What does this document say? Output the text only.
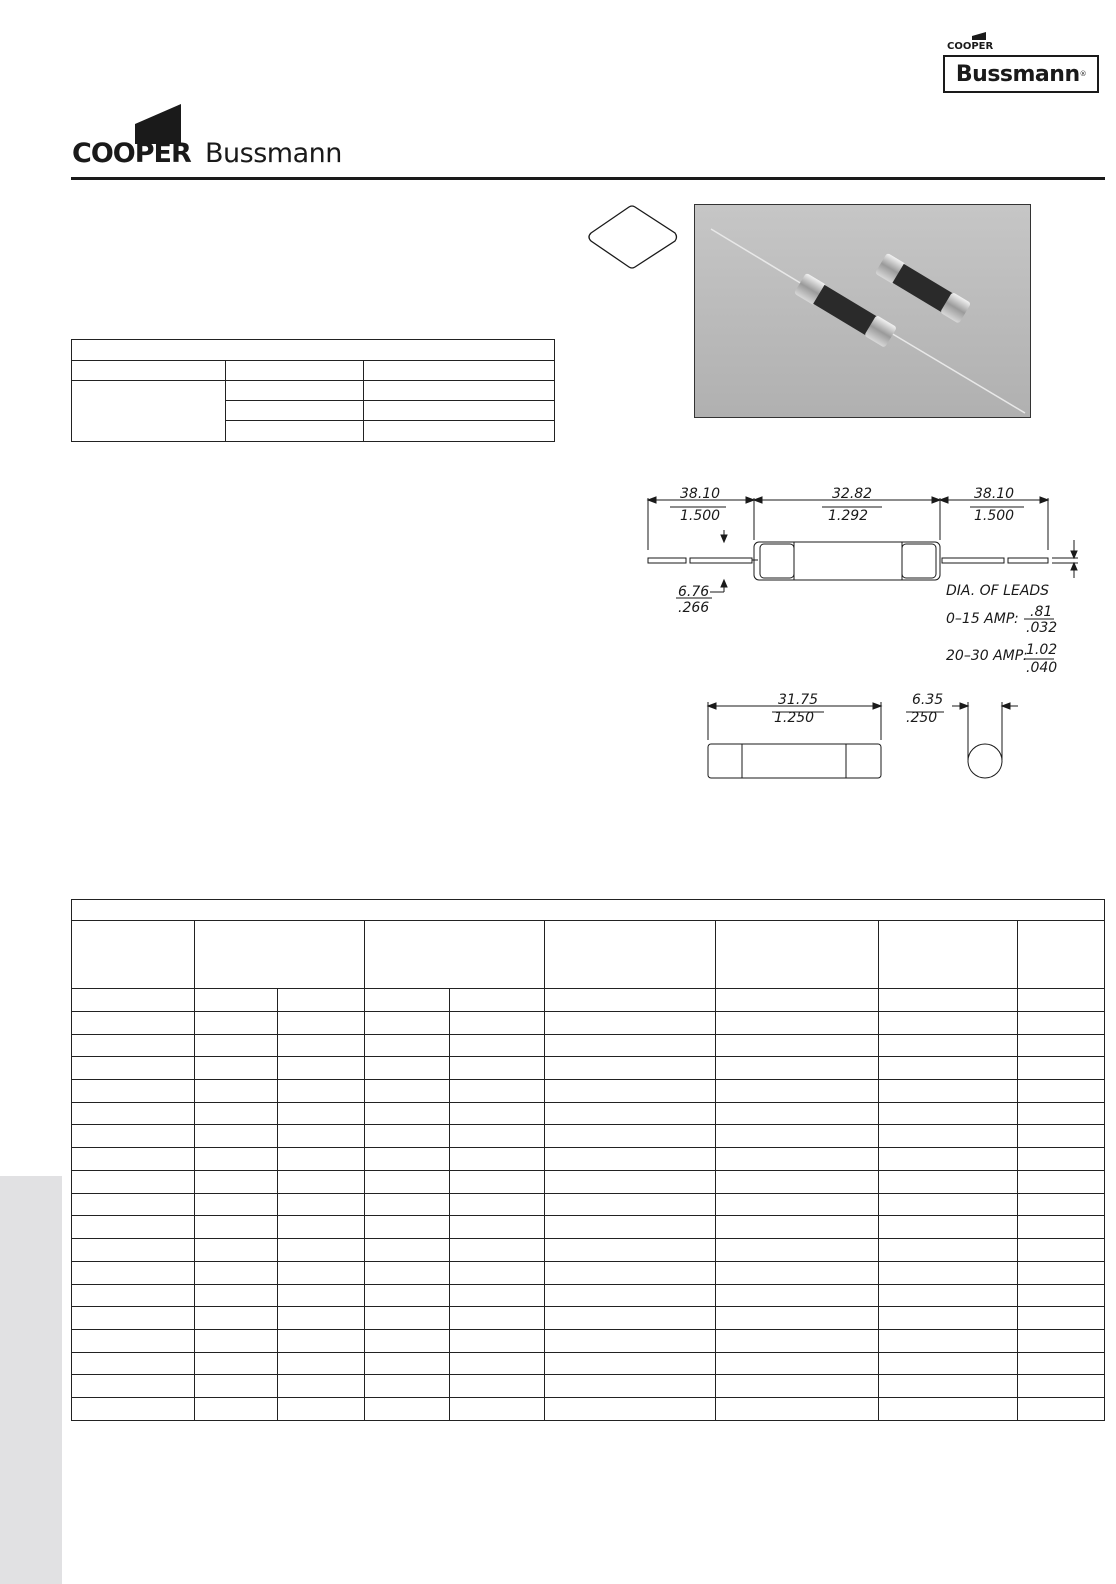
COOPER
Bussmann ®
COOPER Bussmann

38.10
1.500
32.82
1.292
38.10
1.500
6.76
.266
DIA. OF LEADS
0–15 AMP: .81
.032
20–30 AMP:
1.02
.040
31.75
1.250
6.35
.250
